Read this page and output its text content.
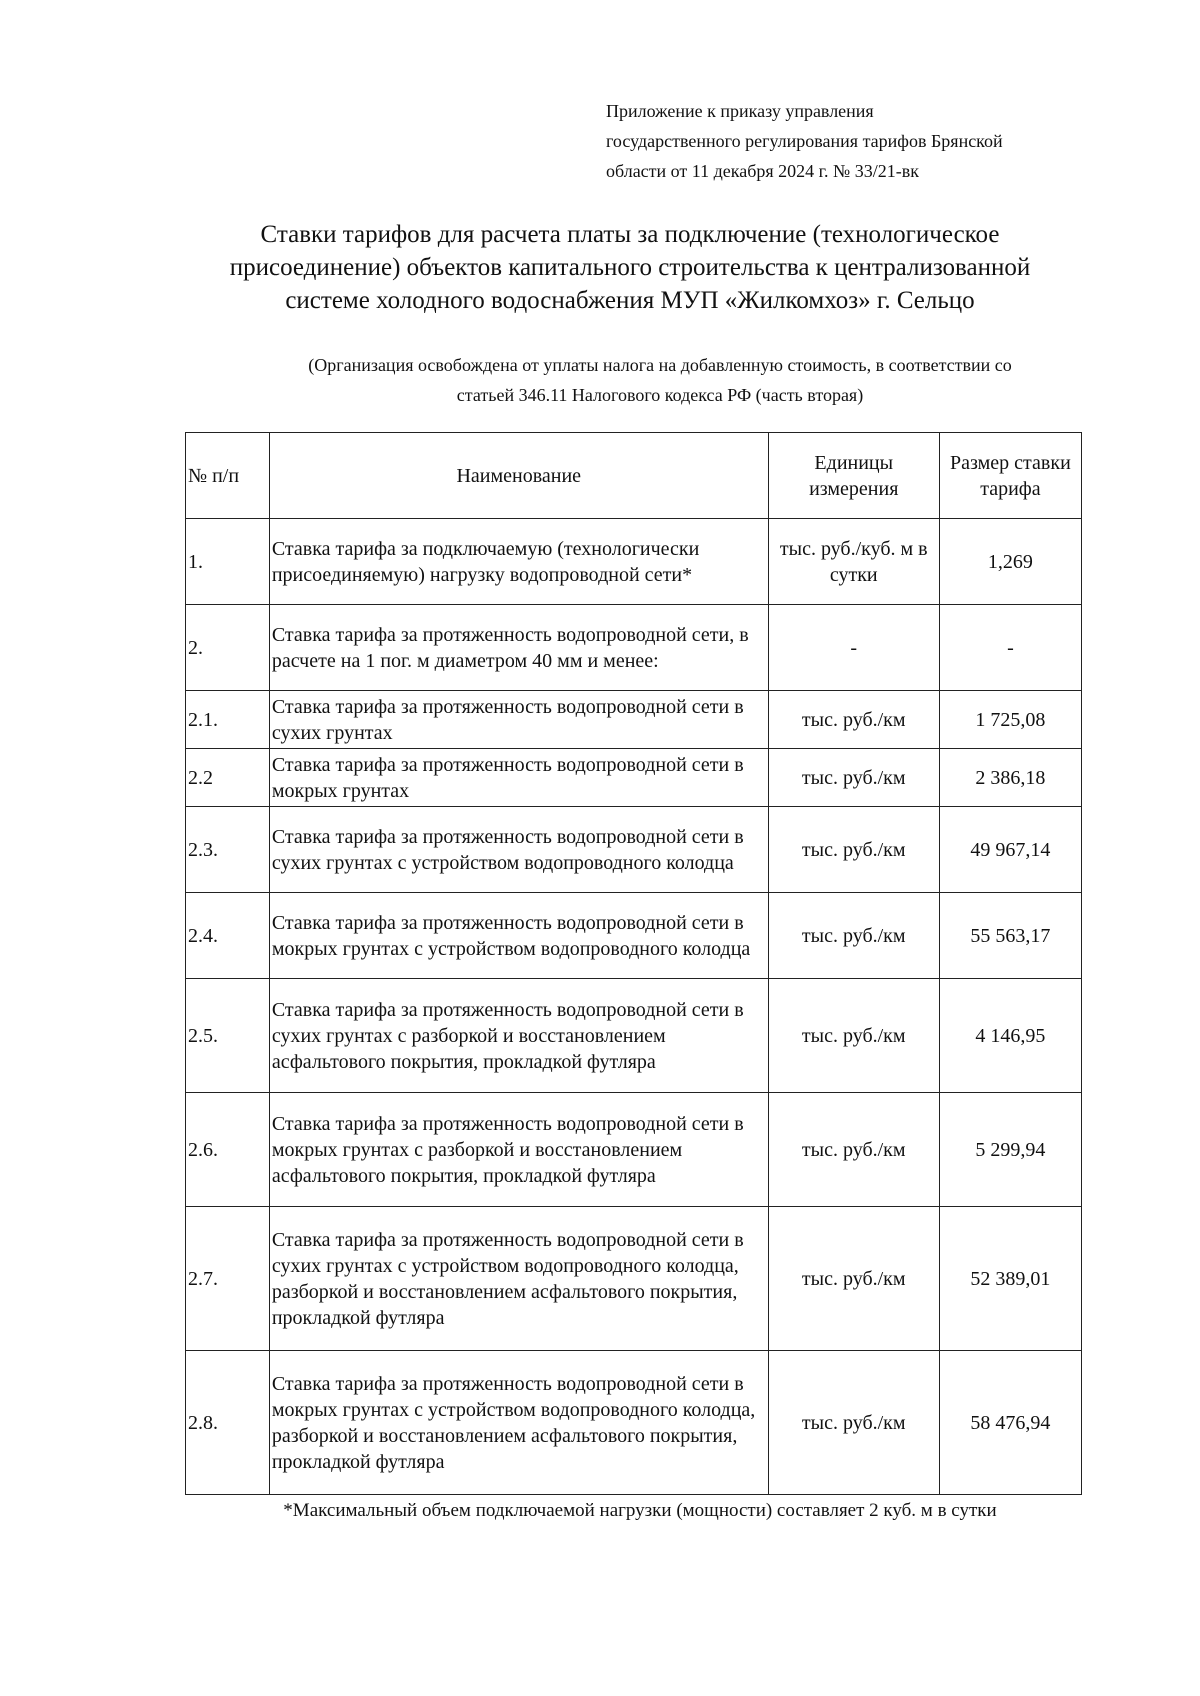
Приложение к приказу управления
государственного регулирования тарифов Брянской
области от 11 декабря 2024 г. № 33/21-вк
Ставки тарифов для расчета платы за подключение (технологическое
присоединение) объектов капитального строительства к централизованной
системе холодного водоснабжения МУП «Жилкомхоз» г. Сельцо
(Организация освобождена от уплаты налога на добавленную стоимость, в соответствии со
статьей 346.11 Налогового кодекса РФ (часть вторая)
№ п/п	Наименование	Единицы измерения	Размер ставки тарифа
1.	Ставка тарифа за подключаемую (технологически присоединяемую) нагрузку водопроводной сети*	тыс. руб./куб. м в сутки	1,269
2.	Ставка тарифа за протяженность водопроводной сети, в расчете на 1 пог. м диаметром 40 мм и менее:	-	-
2.1.	Ставка тарифа за протяженность водопроводной сети в сухих грунтах	тыс. руб./км	1 725,08
2.2	Ставка тарифа за протяженность водопроводной сети в мокрых грунтах	тыс. руб./км	2 386,18
2.3.	Ставка тарифа за протяженность водопроводной сети в сухих грунтах с устройством водопроводного колодца	тыс. руб./км	49 967,14
2.4.	Ставка тарифа за протяженность водопроводной сети в мокрых грунтах с устройством водопроводного колодца	тыс. руб./км	55 563,17
2.5.	Ставка тарифа за протяженность водопроводной сети в сухих грунтах с разборкой и восстановлением асфальтового покрытия, прокладкой футляра	тыс. руб./км	4 146,95
2.6.	Ставка тарифа за протяженность водопроводной сети в мокрых грунтах с разборкой и восстановлением асфальтового покрытия, прокладкой футляра	тыс. руб./км	5 299,94
2.7.	Ставка тарифа за протяженность водопроводной сети в сухих грунтах с устройством водопроводного колодца, разборкой и восстановлением асфальтового покрытия, прокладкой футляра	тыс. руб./км	52 389,01
2.8.	Ставка тарифа за протяженность водопроводной сети в мокрых грунтах с устройством водопроводного колодца, разборкой и восстановлением асфальтового покрытия, прокладкой футляра	тыс. руб./км	58 476,94
*Максимальный объем подключаемой нагрузки (мощности) составляет 2 куб. м в сутки
